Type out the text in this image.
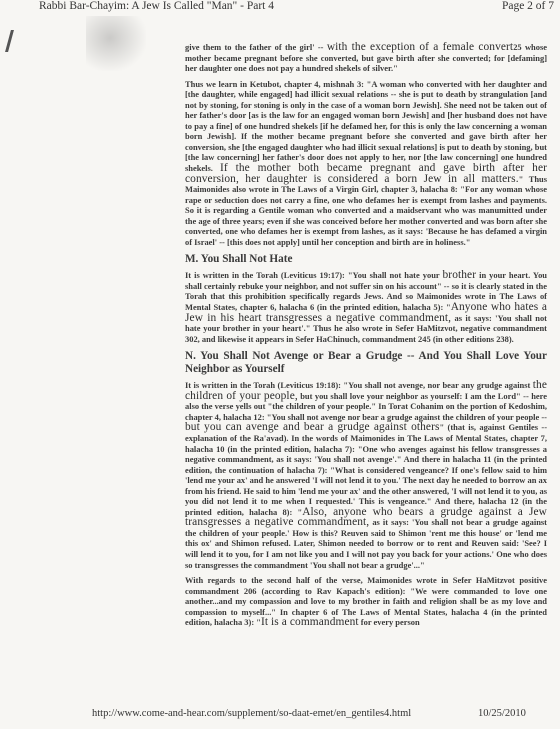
Rabbi Bar-Chayim: A Jew Is Called "Man" - Part 4	Page 2 of 7

give them to the father of the girl' -- with the exception of a female convert25 whose mother became pregnant before she converted, but gave birth after she converted; for [defaming] her daughter one does not pay a hundred shekels of silver."

Thus we learn in Ketubot, chapter 4, mishnah 3: "A woman who converted with her daughter and [the daughter, while engaged] had illicit sexual relations -- she is put to death by strangulation [and not by stoning, for stoning is only in the case of a woman born Jewish]. She need not be taken out of her father's door [as is the law for an engaged woman born Jewish] and [her husband does not have to pay a fine] of one hundred shekels [if he defamed her, for this is only the law concerning a woman born Jewish]. If the mother became pregnant before she converted and gave birth after her conversion, she [the engaged daughter who had illicit sexual relations] is put to death by stoning, but [the law concerning] her father's door does not apply to her, nor [the law concerning] one hundred shekels. If the mother both became pregnant and gave birth after her conversion, her daughter is considered a born Jew in all matters." Thus Maimonides also wrote in The Laws of a Virgin Girl, chapter 3, halacha 8: "For any woman whose rape or seduction does not carry a fine, one who defames her is exempt from lashes and payments. So it is regarding a Gentile woman who converted and a maidservant who was manumitted under the age of three years; even if she was conceived before her mother converted and was born after she converted, one who defames her is exempt from lashes, as it says: 'Because he has defamed a virgin of Israel' -- [this does not apply] until her conception and birth are in holiness."

M. You Shall Not Hate

It is written in the Torah (Leviticus 19:17): "You shall not hate your brother in your heart. You shall certainly rebuke your neighbor, and not suffer sin on his account" -- so it is clearly stated in the Torah that this prohibition specifically regards Jews. And so Maimonides wrote in The Laws of Mental States, chapter 6, halacha 6 (in the printed edition, halacha 5): "Anyone who hates a Jew in his heart transgresses a negative commandment, as it says: 'You shall not hate your brother in your heart'." Thus he also wrote in Sefer HaMitzvot, negative commandment 302, and likewise it appears in Sefer HaChinuch, commandment 245 (in other editions 238).

N. You Shall Not Avenge or Bear a Grudge -- And You Shall Love Your Neighbor as Yourself

It is written in the Torah (Leviticus 19:18): "You shall not avenge, nor bear any grudge against the children of your people, but you shall love your neighbor as yourself: I am the Lord" -- here also the verse yells out "the children of your people." In Torat Cohanim on the portion of Kedoshim, chapter 4, halacha 12: "You shall not avenge nor bear a grudge against the children of your people -- but you can avenge and bear a grudge against others" (that is, against Gentiles -- explanation of the Ra'avad). In the words of Maimonides in The Laws of Mental States, chapter 7, halacha 10 (in the printed edition, halacha 7): "One who avenges against his fellow transgresses a negative commandment, as it says: 'You shall not avenge'." And there in halacha 11 (in the printed edition, the continuation of halacha 7): "What is considered vengeance? If one's fellow said to him 'lend me your ax' and he answered 'I will not lend it to you.' The next day he needed to borrow an ax from his friend. He said to him 'lend me your ax' and the other answered, 'I will not lend it to you, as you did not lend it to me when I requested.' This is vengeance." And there, halacha 12 (in the printed edition, halacha 8): "Also, anyone who bears a grudge against a Jew transgresses a negative commandment, as it says: 'You shall not bear a grudge against the children of your people.' How is this? Reuven said to Shimon 'rent me this house' or 'lend me this ox' and Shimon refused. Later, Shimon needed to borrow or to rent and Reuven said: 'See? I will lend it to you, for I am not like you and I will not pay you back for your actions.' One who does so transgresses the commandment 'You shall not bear a grudge'..."

With regards to the second half of the verse, Maimonides wrote in Sefer HaMitzvot positive commandment 206 (according to Rav Kapach's edition): "We were commanded to love one another...and my compassion and love to my brother in faith and religion shall be as my love and compassion to myself..." In chapter 6 of The Laws of Mental States, halacha 4 (in the printed edition, halacha 3): "It is a commandment for every person

http://www.come-and-hear.com/supplement/so-daat-emet/en_gentiles4.html	10/25/2010
